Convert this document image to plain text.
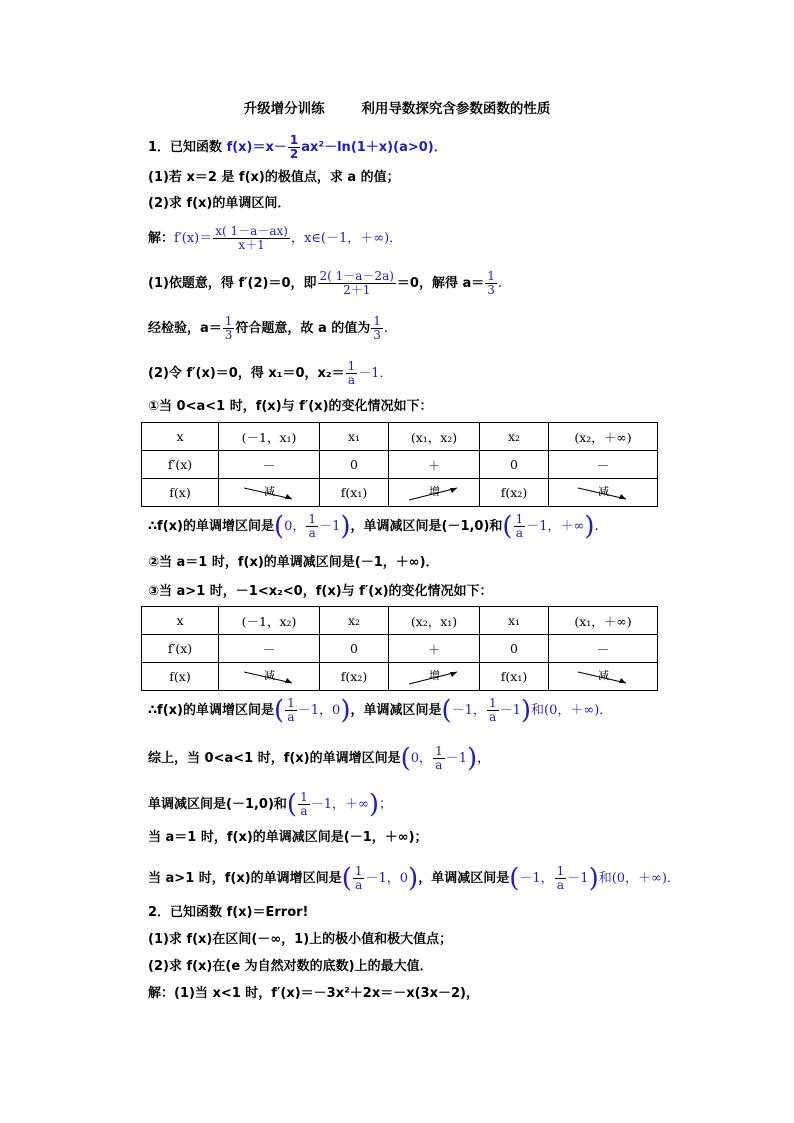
升级增分训练	利用导数探究含参数函数的性质
1．已知函数 $f(x)=x- \frac{1}{2} ax^2-\ln(1+x)(a>0)$．
(1)若 x＝2 是 f(x)的极值点，求 a 的值；
(2)求 f(x)的单调区间．
解：$f'(x)= \frac{x( 1-a-ax)}{x+1}$ ，x∈(－1，＋∞)．
(1)依题意，得 f′(2)＝0，即 $\frac{2( 1-a-2a)}{2+1} =0$，解得 $a= \frac{1}{3}$ .
经检验，$a= \frac{1}{3}$ 符合题意，故 a 的值为 $\frac{1}{3}$ .
(2)令 f′(x)＝0，得 x₁＝0，$x_2= \frac{1}{a} -1$．
①当 0<a<1 时，f(x)与 f′(x)的变化情况如下：
x	(－1，x₁)	x₁	(x₁，x₂)	x₂	(x₂，＋∞)
f′(x)	－	0	＋	0	－
f(x)	减	f(x₁)	增	f(x₂)	减
∴f(x)的单调增区间是(0， $\frac{1}{a} -1$)，单调减区间是(－1,0)和( $\frac{1}{a} -1$，＋∞).
②当 a＝1 时，f(x)的单调减区间是(－1，＋∞)．
③当 a>1 时，－1<x₂<0，f(x)与 f′(x)的变化情况如下：
x	(－1，x₂)	x₂	(x₂，x₁)	x₁	(x₁，＋∞)
f′(x)	－	0	＋	0	－
f(x)	减	f(x₂)	增	f(x₁)	减
∴f(x)的单调增区间是( $\frac{1}{a} -1$，0)，单调减区间是(－1， $\frac{1}{a} -1$)和(0，＋∞)．
综上，当 0<a<1 时，f(x)的单调增区间是(0， $\frac{1}{a} -1$)，
单调减区间是(－1,0)和( $\frac{1}{a} -1$，＋∞)；
当 a＝1 时，f(x)的单调减区间是(－1，＋∞)；
当 a>1 时，f(x)的单调增区间是( $\frac{1}{a} -1$，0)，单调减区间是(－1， $\frac{1}{a} -1$)和(0，＋∞)．
2．已知函数 f(x)＝Error!
(1)求 f(x)在区间(－∞，1)上的极小值和极大值点；
(2)求 f(x)在(e 为自然对数的底数)上的最大值．
解：(1)当 x<1 时，f′(x)＝－3x²＋2x＝－x(3x－2)，
